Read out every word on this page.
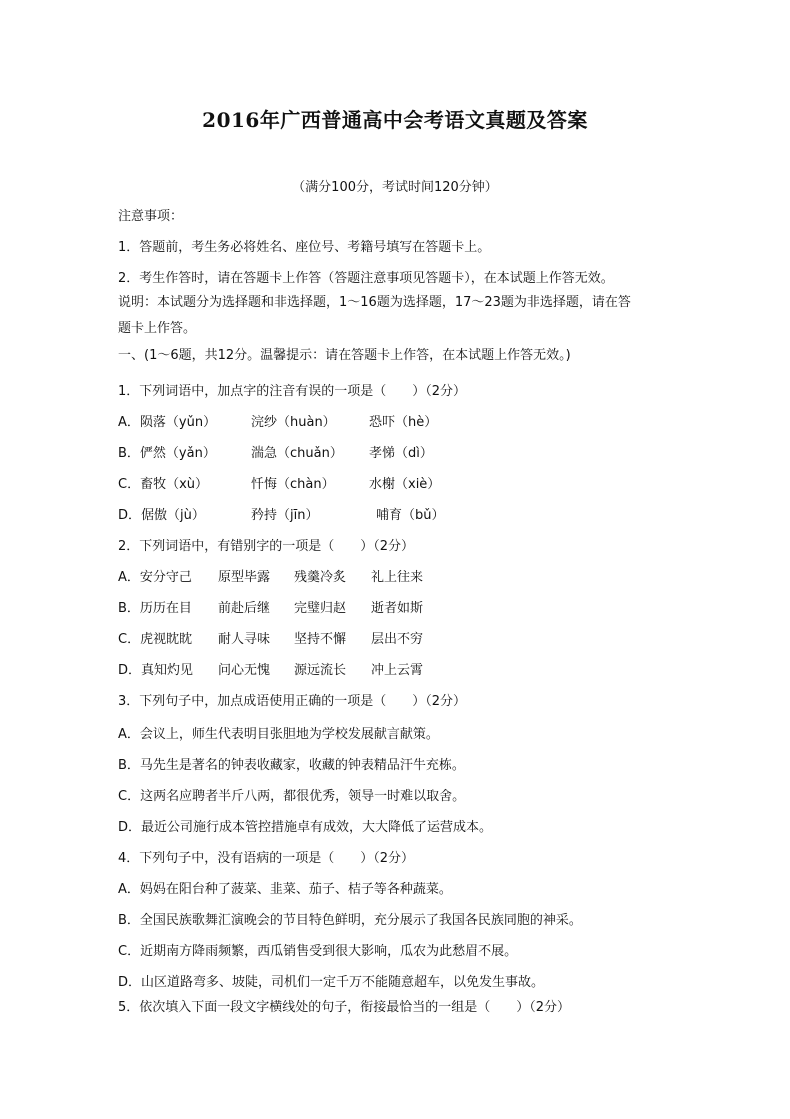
2016年广西普通高中会考语文真题及答案
（满分100分，考试时间120分钟）
注意事项：
1．答题前，考生务必将姓名、座位号、考籍号填写在答题卡上。
2．考生作答时，请在答题卡上作答（答题注意事项见答题卡），在本试题上作答无效。
说明：本试题分为选择题和非选择题，1～16题为选择题，17～23题为非选择题，请在答
题卡上作答。
一、(1～6题，共12分。温馨提示：请在答题卡上作答，在本试题上作答无效。)
1．下列词语中，加点字的注音有误的一项是（　　）（2分）
A．陨落（yǔn）	浣纱（huàn）	恐吓（hè）
B．俨然（yǎn）	湍急（chuǎn） 孝悌（dì）
C．畜牧（xù）	忏悔（chàn）	水榭（xiè）
D．倨傲（jù）	矜持（jīn）	哺育（bǔ）
2．下列词语中，有错别字的一项是（　　）（2分）
A．安分守己 原型毕露 残羹冷炙 礼上往来
B．历历在目 前赴后继 完璧归赵 逝者如斯
C．虎视眈眈 耐人寻味 坚持不懈 层出不穷
D．真知灼见 问心无愧 源远流长 冲上云霄
3．下列句子中，加点成语使用正确的一项是（　　）（2分）
A．会议上，师生代表明目张胆地为学校发展献言献策。
B．马先生是著名的钟表收藏家，收藏的钟表精品汗牛充栋。
C．这两名应聘者半斤八两，都很优秀，领导一时难以取舍。
D．最近公司施行成本管控措施卓有成效，大大降低了运营成本。
4．下列句子中，没有语病的一项是（　　）（2分）
A．妈妈在阳台种了菠菜、韭菜、茄子、桔子等各种蔬菜。
B．全国民族歌舞汇演晚会的节目特色鲜明，充分展示了我国各民族同胞的神采。
C．近期南方降雨频繁，西瓜销售受到很大影响，瓜农为此愁眉不展。
D．山区道路弯多、坡陡，司机们一定千万不能随意超车，以免发生事故。
5．依次填入下面一段文字横线处的句子，衔接最恰当的一组是（　　）（2分）
